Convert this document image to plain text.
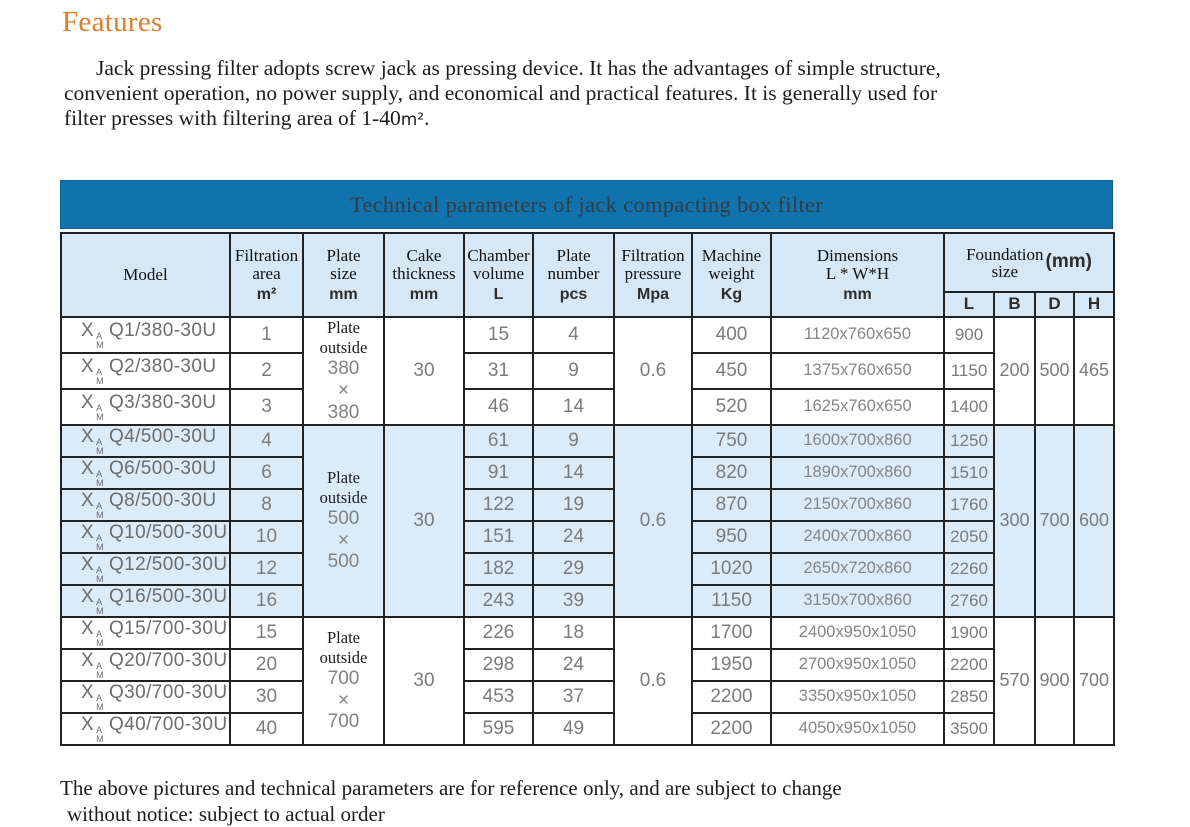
Features
Jack pressing filter adopts screw jack as pressing device. It has the advantages of simple structure,
convenient operation, no power supply, and economical and practical features. It is generally used for
filter presses with filtering area of 1-40m².
Technical parameters of jack compacting box filter
Model	Filtration
area
m²	Plate
size
mm	Cake
thickness
mm	Chamber
volume
L	Plate
number
pcs	Filtration
pressure
Mpa	Machine
weight
Kg	Dimensions
L * W*H
mm	Foundation
size (mm)			

									L	B	D	H
X A
M
Q1/380-30U	1	Plate outside
380
×
380	30	15	4	0.6	400	1120x760x650	900	200	500	465
X A
M
Q2/380-30U	2			31	9		450	1375x760x650	1150			
X A
M
Q3/380-30U	3			46	14		520	1625x760x650	1400			
X A
M
Q4/500-30U	4	Plate outside
500
×
500	30	61	9	0.6	750	1600x700x860	1250	300	700	600
X A
M
Q6/500-30U	6			91	14		820	1890x700x860	1510			
X A
M
Q8/500-30U	8			122	19		870	2150x700x860	1760			
X A
M
Q10/500-30U	10			151	24		950	2400x700x860	2050			
X A
M
Q12/500-30U	12			182	29		1020	2650x720x860	2260			
X A
M
Q16/500-30U	16			243	39		1150	3150x700x860	2760			
X A
M
Q15/700-30U	15	Plate outside
700
×
700	30	226	18	0.6	1700	2400x950x1050	1900	570	900	700
X A
M
Q20/700-30U	20			298	24		1950	2700x950x1050	2200			
X A
M
Q30/700-30U	30			453	37		2200	3350x950x1050	2850			
X A
M
Q40/700-30U	40			595	49		2200	4050x950x1050	3500			
The above pictures and technical parameters are for reference only, and are subject to change
without notice: subject to actual order
